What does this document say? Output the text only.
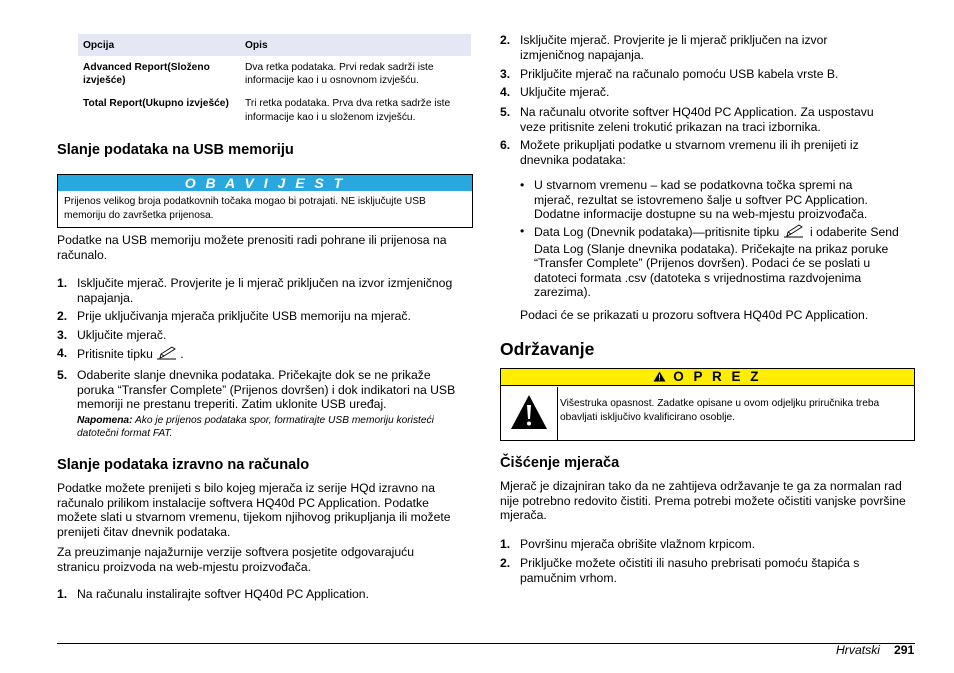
Opcija	Opis
Advanced Report(Složeno izvješće)	Dva retka podataka. Prvi redak sadrži iste informacije kao i u osnovnom izvješću.
Total Report(Ukupno izvješće)	Tri retka podataka. Prva dva retka sadrže iste informacije kao i u složenom izvješću.
Slanje podataka na USB memoriju
O B A V I J E S T
Prijenos velikog broja podatkovnih točaka mogao bi potrajati. NE isključujte USB memoriju do završetka prijenosa.

Podatke na USB memoriju možete prenositi radi pohrane ili prijenosa na računalo.

1. Isključite mjerač. Provjerite je li mjerač priključen na izvor izmjeničnog napajanja.
2. Prije uključivanja mjerača priključite USB memoriju na mjerač.
3. Uključite mjerač.
4. Pritisnite tipku .
5. Odaberite slanje dnevnika podataka. Pričekajte dok se ne prikaže poruka “Transfer Complete” (Prijenos dovršen) i dok indikatori na USB memoriji ne prestanu treperiti. Zatim uklonite USB uređaj.
Napomena: Ako je prijenos podataka spor, formatirajte USB memoriju koristeći datotečni format FAT.
Slanje podataka izravno na računalo

Podatke možete prenijeti s bilo kojeg mjerača iz serije HQd izravno na računalo prilikom instalacije softvera HQ40d PC Application. Podatke možete slati u stvarnom vremenu, tijekom njihovog prikupljanja ili možete prenijeti čitav dnevnik podataka.

Za preuzimanje najažurnije verzije softvera posjetite odgovarajuću stranicu proizvoda na web-mjestu proizvođača.

1. Na računalu instalirajte softver HQ40d PC Application.
2. Isključite mjerač. Provjerite je li mjerač priključen na izvor izmjeničnog napajanja.
3. Priključite mjerač na računalo pomoću USB kabela vrste B.
4. Uključite mjerač.
5. Na računalu otvorite softver HQ40d PC Application. Za uspostavu veze pritisnite zeleni trokutić prikazan na traci izbornika.
6. Možete prikupljati podatke u stvarnom vremenu ili ih prenijeti iz dnevnika podataka:
• U stvarnom vremenu – kad se podatkovna točka spremi na mjerač, rezultat se istovremeno šalje u softver PC Application. Dodatne informacije dostupne su na web-mjestu proizvođača.
• Data Log (Dnevnik podataka)—pritisnite tipku	i odaberite Send Data Log (Slanje dnevnika podataka). Pričekajte na prikaz poruke “Transfer Complete” (Prijenos dovršen). Podaci će se poslati u datoteci formata .csv (datoteka s vrijednostima razdvojenima zarezima).

Podaci će se prikazati u prozoru softvera HQ40d PC Application.

Održavanje
O P R E Z
Višestruka opasnost. Zadatke opisane u ovom odjeljku priručnika treba obavljati isključivo kvalificirano osoblje.
Čišćenje mjerača

Mjerač je dizajniran tako da ne zahtijeva održavanje te ga za normalan rad nije potrebno redovito čistiti. Prema potrebi možete očistiti vanjske površine mjerača.

1. Površinu mjerača obrišite vlažnom krpicom.
2. Priključke možete očistiti ili nasuho prebrisati pomoću štapića s pamučnim vrhom.
Hrvatski 291
